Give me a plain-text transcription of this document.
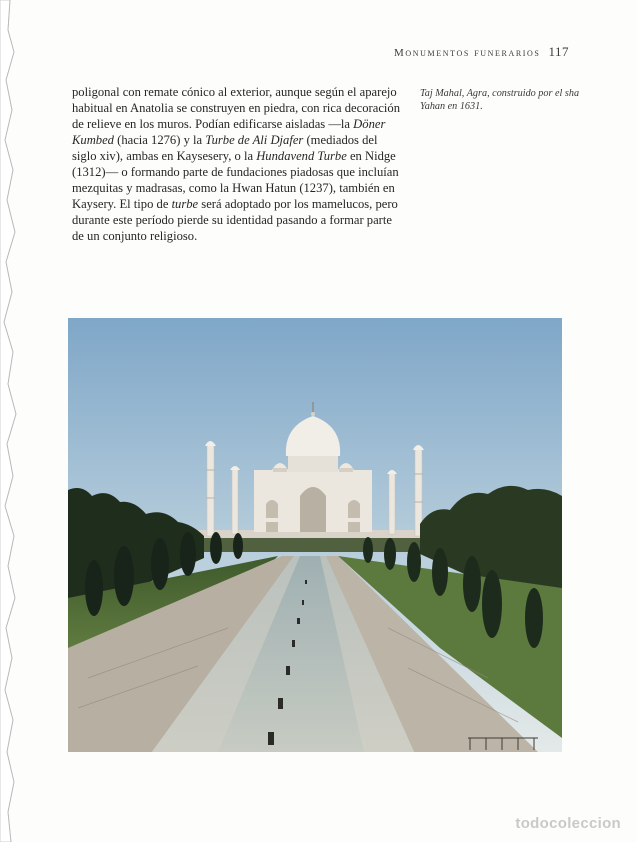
Monumentos funerarios 117

poligonal con remate cónico al exterior, aunque según el aparejo habitual en Anatolia se construyen en piedra, con rica decoración de relieve en los muros. Podían edificarse aisladas —la Döner Kumbed (hacia 1276) y la Turbe de Ali Djafer (mediados del siglo xiv), ambas en Kaysesery, o la Hundavend Turbe en Nidge (1312)— o formando parte de fundaciones piadosas que incluían mezquitas y madrasas, como la Hwan Hatun (1237), también en Kaysery. El tipo de turbe será adoptado por los mamelucos, pero durante este período pierde su identidad pasando a formar parte de un conjunto religioso.

Taj Mahal, Agra, construido por el sha Yahan en 1631.
todocoleccion
